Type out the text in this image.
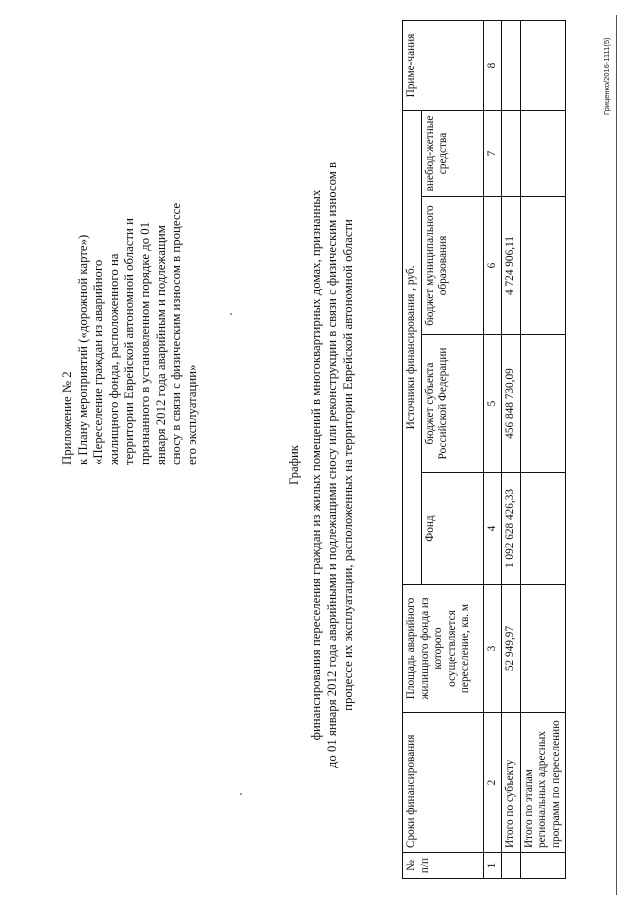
Приложение № 2 к Плану мероприятий («дорожной карте») «Переселение граждан из аварийного жилищного фонда, расположенного на территории Еврейской автономной области и признанного в установленном порядке до 01 января 2012 года аварийным и подлежащим сносу в связи с физическим износом в процессе его эксплуатации»	График финансирования переселения граждан из жилых помещений в многоквартирных домах, признанных до 01 января 2012 года аварийными и подлежащими сносу или реконструкции в связи с физическим износом в процессе их эксплуатации, расположенных на территории Еврейской автономной области
№ п/п	Сроки финансирования	Площадь аварийного жилищного фонда из которого осуществляется переселение, кв. м	Источники финансирования , руб.				Приме-чания
			Фонд	бюджет субъекта Российской Федерации	бюджет муниципального образования	внебюд-жетные средства	
1	2	3	4	5	6	7	8
	Итого по субъекту	52 949,97	1 092 628 426,33	456 848 730,09	4 724 906,11		
	Итого по этапам региональных адресных программ по переселению						
Гриценко/2016-1111(5)
